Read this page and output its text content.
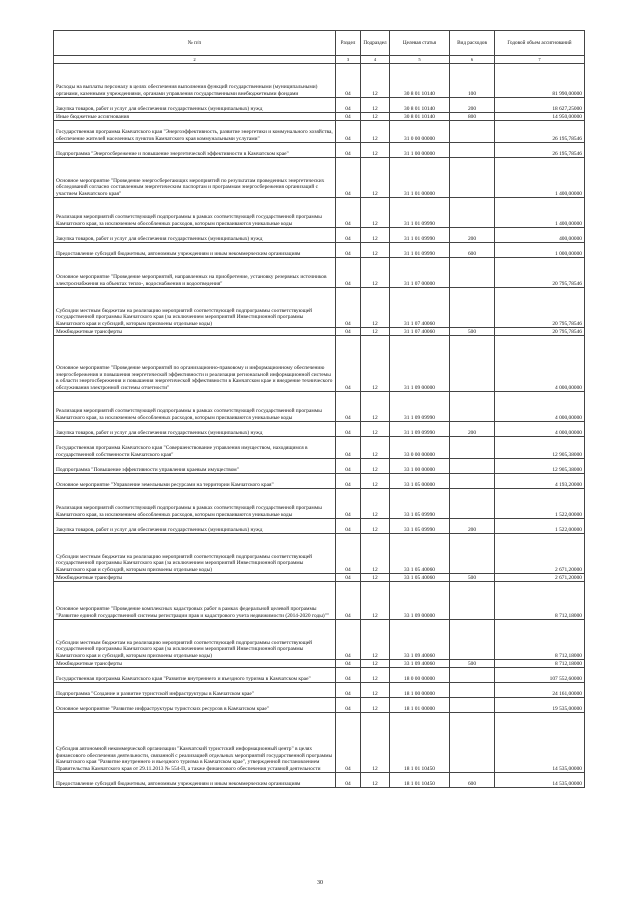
№ п/п	Раздел	Подраздел	Целевая статья	Вид расходов	Годовой объем ассигнований
2	3	4	5	6	7
Расходы на выплаты персоналу в целях обеспечения выполнения функций государственными (муниципальными) органами, казенными учреждениями, органами управления государственными внебюджетными фондами	04	12	30 8 01 10140	100	81 990,00000
Закупка товаров, работ и услуг для обеспечения государственных (муниципальных) нужд	04	12	30 8 01 10140	200	18 627,25000
Иные бюджетные ассигнования	04	12	30 8 01 10140	800	14 950,00000
Государственная программа Камчатского края "Энергоэффективность, развитие энергетики и коммунального хозяйства, обеспечение жителей населенных пунктов Камчатского края коммунальными услугами"	04	12	31 0 00 00000		26 195,78546
Подпрограмма "Энергосбережение и повышение энергетической эффективности в Камчатском крае"	04	12	31 1 00 00000		26 195,78546
Основное мероприятие "Проведение энергосберегающих мероприятий по результатам проведенных энергетических обследований согласно составленным энергетическим паспортам и программам энергосбережения организаций с участием Камчатского края"	04	12	31 1 01 00000		1 400,00000
Реализация мероприятий соответствующей подпрограммы в рамках соответствующей государственной программы Камчатского края, за исключением обособленных расходов, которым присваиваются уникальные коды	04	12	31 1 01 09990		1 400,00000
Закупка товаров, работ и услуг для обеспечения государственных (муниципальных) нужд	04	12	31 1 01 09990	200	400,00000
Предоставление субсидий бюджетным, автономным учреждениям и иным некоммерческим организациям	04	12	31 1 01 09990	600	1 000,00000
Основное мероприятие "Проведение мероприятий, направленных на приобретение, установку резервных источников электроснабжения на объектах тепло-, водоснабжения и водоотведения"	04	12	31 1 07 00000		20 795,78546
Субсидии местным бюджетам на реализацию мероприятий соответствующей подпрограммы соответствующей государственной программы Камчатского края (за исключением мероприятий Инвестиционной программы Камчатского края и субсидий, которым присвоены отдельные коды)	04	12	31 1 07 40060		20 795,78546
Межбюджетные трансферты	04	12	31 1 07 40060	500	20 795,78546
Основное мероприятие "Проведение мероприятий по организационно-правовому и информационному обеспечению энергосбережения и повышения энергетической эффективности и реализация региональной информационной системы в области энергосбережения и повышения энергетической эффективности в Камчатском крае и внедрение технического обслуживания электронной системы отчетности"	04	12	31 1 09 00000		4 000,00000
Реализация мероприятий соответствующей подпрограммы в рамках соответствующей государственной программы Камчатского края, за исключением обособленных расходов, которым присваиваются уникальные коды	04	12	31 1 09 09990		4 000,00000
Закупка товаров, работ и услуг для обеспечения государственных (муниципальных) нужд	04	12	31 1 09 09990	200	4 000,00000
Государственная программа Камчатского края "Совершенствование управления имуществом, находящимся в государственной собственности Камчатского края"	04	12	33 0 00 00000		12 905,38000
Подпрограмма "Повышение эффективности управления краевым имуществом"	04	12	33 1 00 00000		12 905,38000
Основное мероприятие "Управление земельными ресурсами на территории Камчатского края"	04	12	33 1 05 00000		4 193,20000
Реализация мероприятий соответствующей подпрограммы в рамках соответствующей государственной программы Камчатского края, за исключением обособленных расходов, которым присваиваются уникальные коды	04	12	33 1 05 09990		1 522,00000
Закупка товаров, работ и услуг для обеспечения государственных (муниципальных) нужд	04	12	33 1 05 09990	200	1 522,00000
Субсидии местным бюджетам на реализацию мероприятий соответствующей подпрограммы соответствующей государственной программы Камчатского края (за исключением мероприятий Инвестиционной программы Камчатского края и субсидий, которым присвоены отдельные коды)	04	12	33 1 05 40060		2 671,20000
Межбюджетные трансферты	04	12	33 1 05 40060	500	2 671,20000
Основное мероприятие "Проведение комплексных кадастровых работ в рамках федеральной целевой программы "Развитие единой государственной системы регистрации прав и кадастрового учета недвижимости (2014-2020 годы)""	04	12	33 1 09 00000		8 712,18000
Субсидии местным бюджетам на реализацию мероприятий соответствующей подпрограммы соответствующей государственной программы Камчатского края (за исключением мероприятий Инвестиционной программы Камчатского края и субсидий, которым присвоены отдельные коды)	04	12	33 1 09 40060		8 712,18000
Межбюджетные трансферты	04	12	33 1 09 40060	500	8 712,18000
Государственная программа Камчатского края "Развитие внутреннего и въездного туризма в Камчатском крае"	04	12	18 0 00 00000		107 552,60000
Подпрограмма "Создание и развитие туристской инфраструктуры в Камчатском крае"	04	12	18 1 00 00000		24 161,00000
Основное мероприятие "Развитие инфраструктуры туристских ресурсов в Камчатском крае"	04	12	18 1 01 00000		19 535,00000
Субсидия автономной некоммерческой организации "Камчатский туристский информационный центр" в целях финансового обеспечения деятельности, связанной с реализацией отдельных мероприятий государственной программы Камчатского края "Развитие внутреннего и въездного туризма в Камчатском крае", утвержденной постановлением Правительства Камчатского края от 29.11.2013 № 554-П, а также финансового обеспечения уставной деятельности	04	12	18 1 01 10450		14 535,00000
Предоставление субсидий бюджетным, автономным учреждениям и иным некоммерческим организациям	04	12	18 1 01 10450	600	14 535,00000
30
